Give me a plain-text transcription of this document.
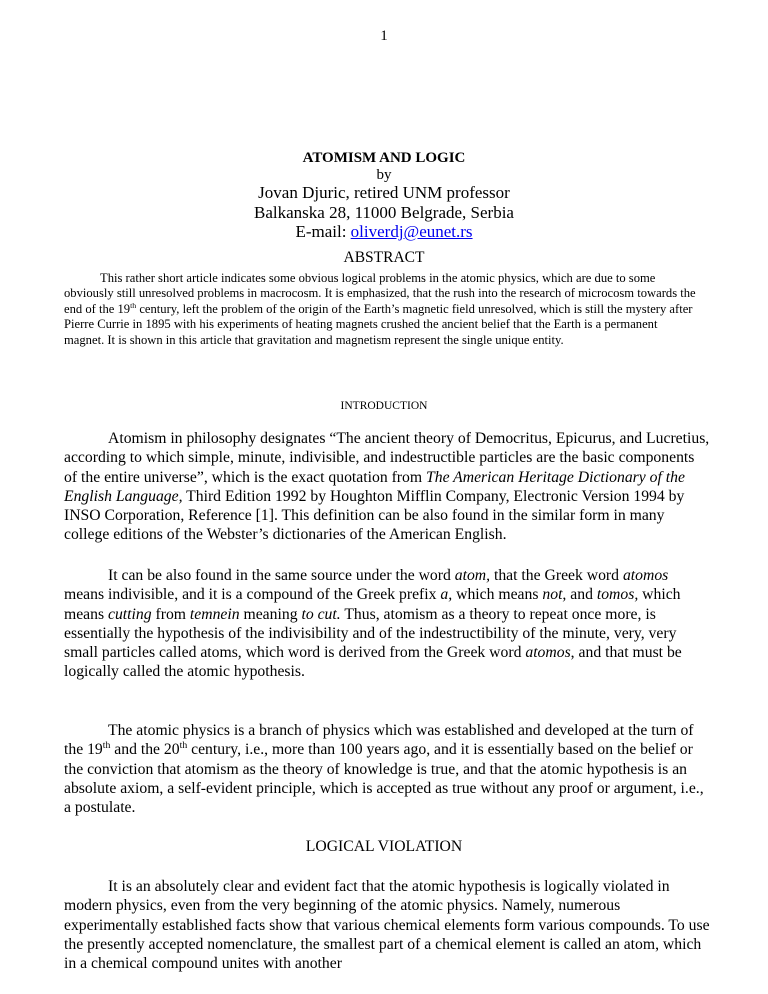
1
ATOMISM AND LOGIC
by
Jovan Djuric, retired UNM professor
Balkanska 28, 11000 Belgrade, Serbia
E-mail: oliverdj@eunet.rs
ABSTRACT
This rather short article indicates some obvious logical problems in the atomic physics, which are due to some obviously still unresolved problems in macrocosm. It is emphasized, that the rush into the research of microcosm towards the end of the 19th century, left the problem of the origin of the Earth’s magnetic field unresolved, which is still the mystery after Pierre Currie in 1895 with his experiments of heating magnets crushed the ancient belief that the Earth is a permanent magnet. It is shown in this article that gravitation and magnetism represent the single unique entity.
INTRODUCTION
Atomism in philosophy designates “The ancient theory of Democritus, Epicurus, and Lucretius, according to which simple, minute, indivisible, and indestructible particles are the basic components of the entire universe”, which is the exact quotation from The American Heritage Dictionary of the English Language, Third Edition 1992 by Houghton Mifflin Company, Electronic Version 1994 by INSO Corporation, Reference [1]. This definition can be also found in the similar form in many college editions of the Webster’s dictionaries of the American English.
It can be also found in the same source under the word atom, that the Greek word atomos means indivisible, and it is a compound of the Greek prefix a, which means not, and tomos, which means cutting from temnein meaning to cut. Thus, atomism as a theory to repeat once more, is essentially the hypothesis of the indivisibility and of the indestructibility of the minute, very, very small particles called atoms, which word is derived from the Greek word atomos, and that must be logically called the atomic hypothesis.
The atomic physics is a branch of physics which was established and developed at the turn of the 19th and the 20th century, i.e., more than 100 years ago, and it is essentially based on the belief or the conviction that atomism as the theory of knowledge is true, and that the atomic hypothesis is an absolute axiom, a self-evident principle, which is accepted as true without any proof or argument, i.e., a postulate.
LOGICAL VIOLATION
It is an absolutely clear and evident fact that the atomic hypothesis is logically violated in modern physics, even from the very beginning of the atomic physics. Namely, numerous experimentally established facts show that various chemical elements form various compounds. To use the presently accepted nomenclature, the smallest part of a chemical element is called an atom, which in a chemical compound unites with another
